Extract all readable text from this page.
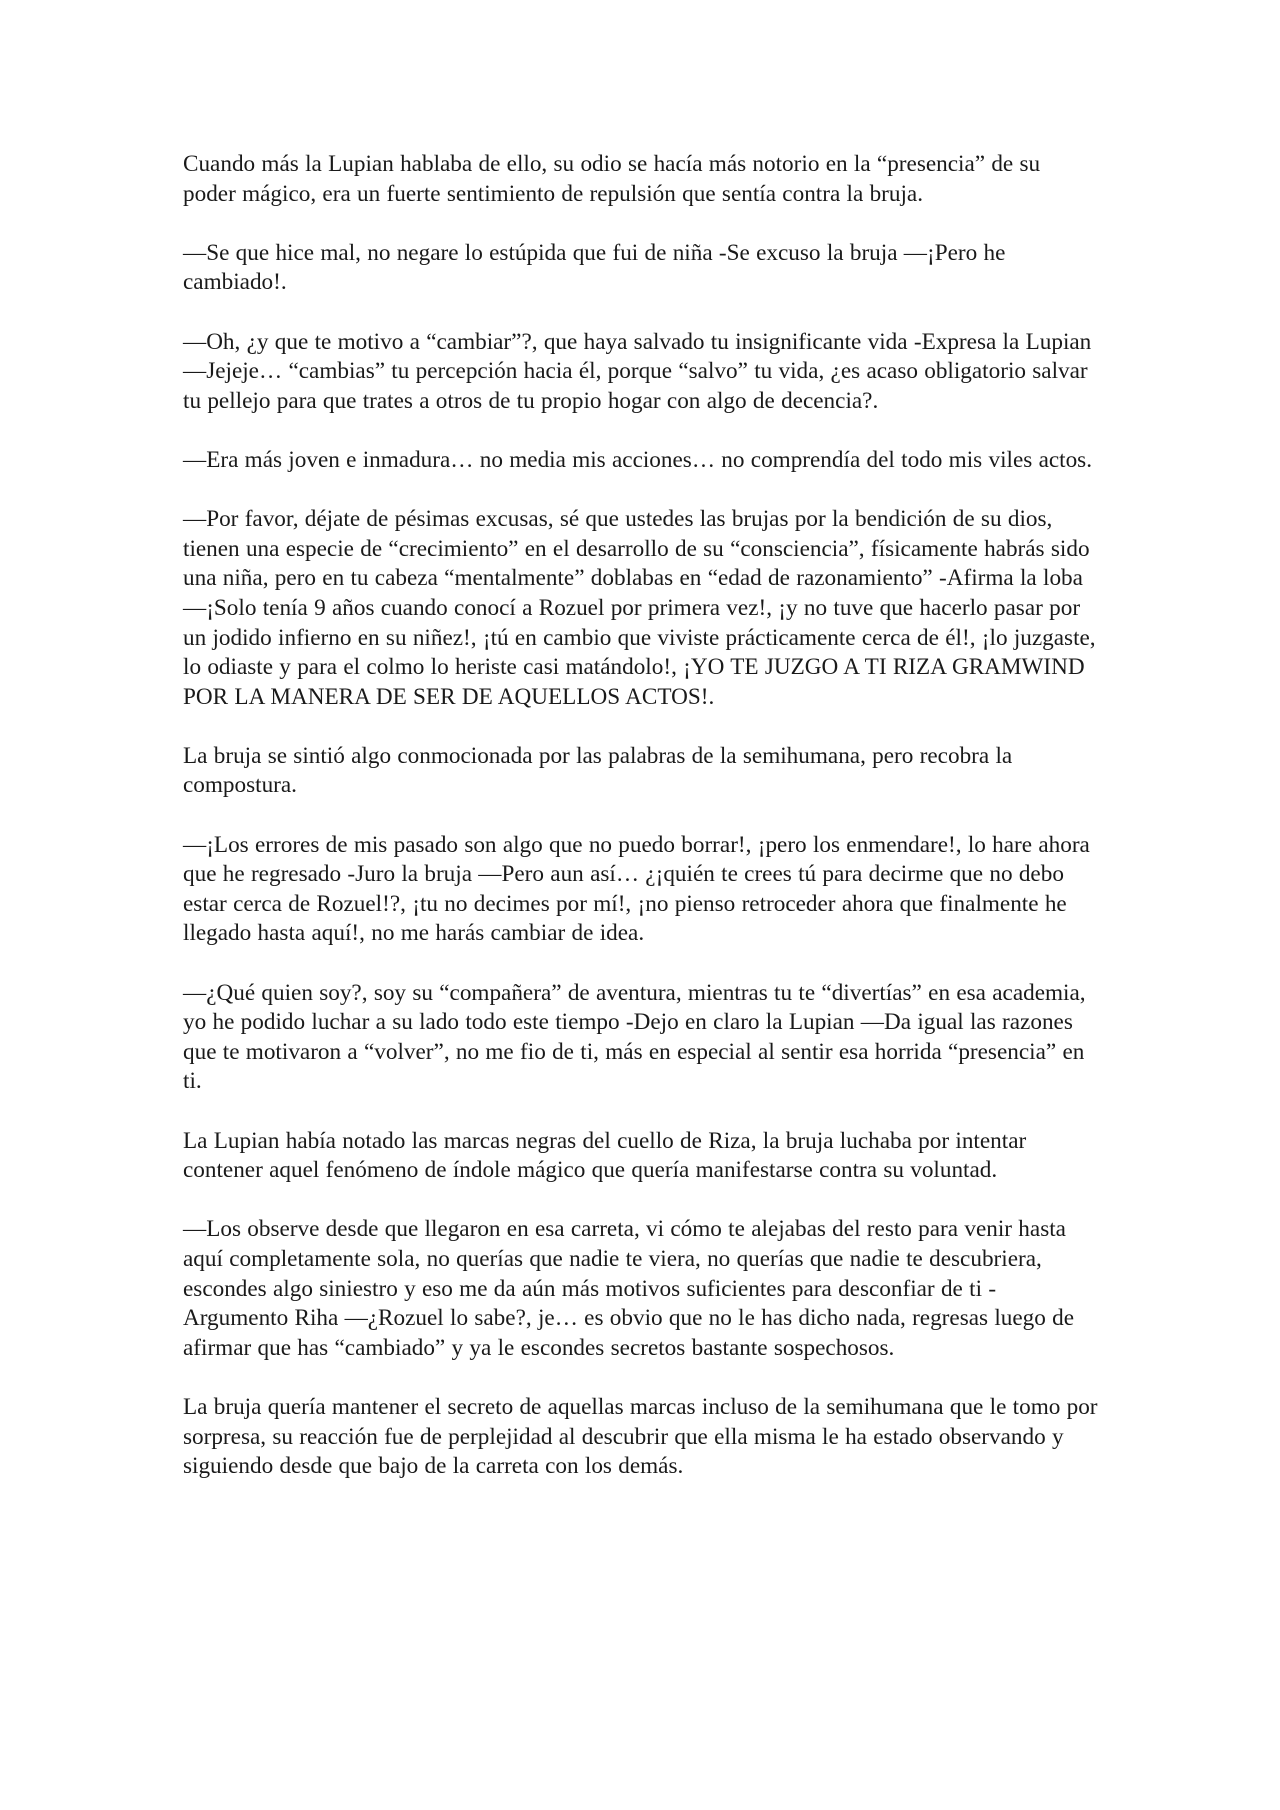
Cuando más la Lupian hablaba de ello, su odio se hacía más notorio en la “presencia” de su poder mágico, era un fuerte sentimiento de repulsión que sentía contra la bruja.

—Se que hice mal, no negare lo estúpida que fui de niña -Se excuso la bruja —¡Pero he cambiado!.

—Oh, ¿y que te motivo a “cambiar”?, que haya salvado tu insignificante vida -Expresa la Lupian —Jejeje… “cambias” tu percepción hacia él, porque “salvo” tu vida, ¿es acaso obligatorio salvar tu pellejo para que trates a otros de tu propio hogar con algo de decencia?.

—Era más joven e inmadura… no media mis acciones… no comprendía del todo mis viles actos.

—Por favor, déjate de pésimas excusas, sé que ustedes las brujas por la bendición de su dios, tienen una especie de “crecimiento” en el desarrollo de su “consciencia”, físicamente habrás sido una niña, pero en tu cabeza “mentalmente” doblabas en “edad de razonamiento” -Afirma la loba —¡Solo tenía 9 años cuando conocí a Rozuel por primera vez!, ¡y no tuve que hacerlo pasar por un jodido infierno en su niñez!, ¡tú en cambio que viviste prácticamente cerca de él!, ¡lo juzgaste, lo odiaste y para el colmo lo heriste casi matándolo!, ¡YO TE JUZGO A TI RIZA GRAMWIND POR LA MANERA DE SER DE AQUELLOS ACTOS!.

La bruja se sintió algo conmocionada por las palabras de la semihumana, pero recobra la compostura.

—¡Los errores de mis pasado son algo que no puedo borrar!, ¡pero los enmendare!, lo hare ahora que he regresado -Juro la bruja —Pero aun así… ¿¡quién te crees tú para decirme que no debo estar cerca de Rozuel!?, ¡tu no decimes por mí!, ¡no pienso retroceder ahora que finalmente he llegado hasta aquí!, no me harás cambiar de idea.

—¿Qué quien soy?, soy su “compañera” de aventura, mientras tu te “divertías” en esa academia, yo he podido luchar a su lado todo este tiempo -Dejo en claro la Lupian —Da igual las razones que te motivaron a “volver”, no me fio de ti, más en especial al sentir esa horrida “presencia” en ti.

La Lupian había notado las marcas negras del cuello de Riza, la bruja luchaba por intentar contener aquel fenómeno de índole mágico que quería manifestarse contra su voluntad.

—Los observe desde que llegaron en esa carreta, vi cómo te alejabas del resto para venir hasta aquí completamente sola, no querías que nadie te viera, no querías que nadie te descubriera, escondes algo siniestro y eso me da aún más motivos suficientes para desconfiar de ti -Argumento Riha —¿Rozuel lo sabe?, je… es obvio que no le has dicho nada, regresas luego de afirmar que has “cambiado” y ya le escondes secretos bastante sospechosos.

La bruja quería mantener el secreto de aquellas marcas incluso de la semihumana que le tomo por sorpresa, su reacción fue de perplejidad al descubrir que ella misma le ha estado observando y siguiendo desde que bajo de la carreta con los demás.
